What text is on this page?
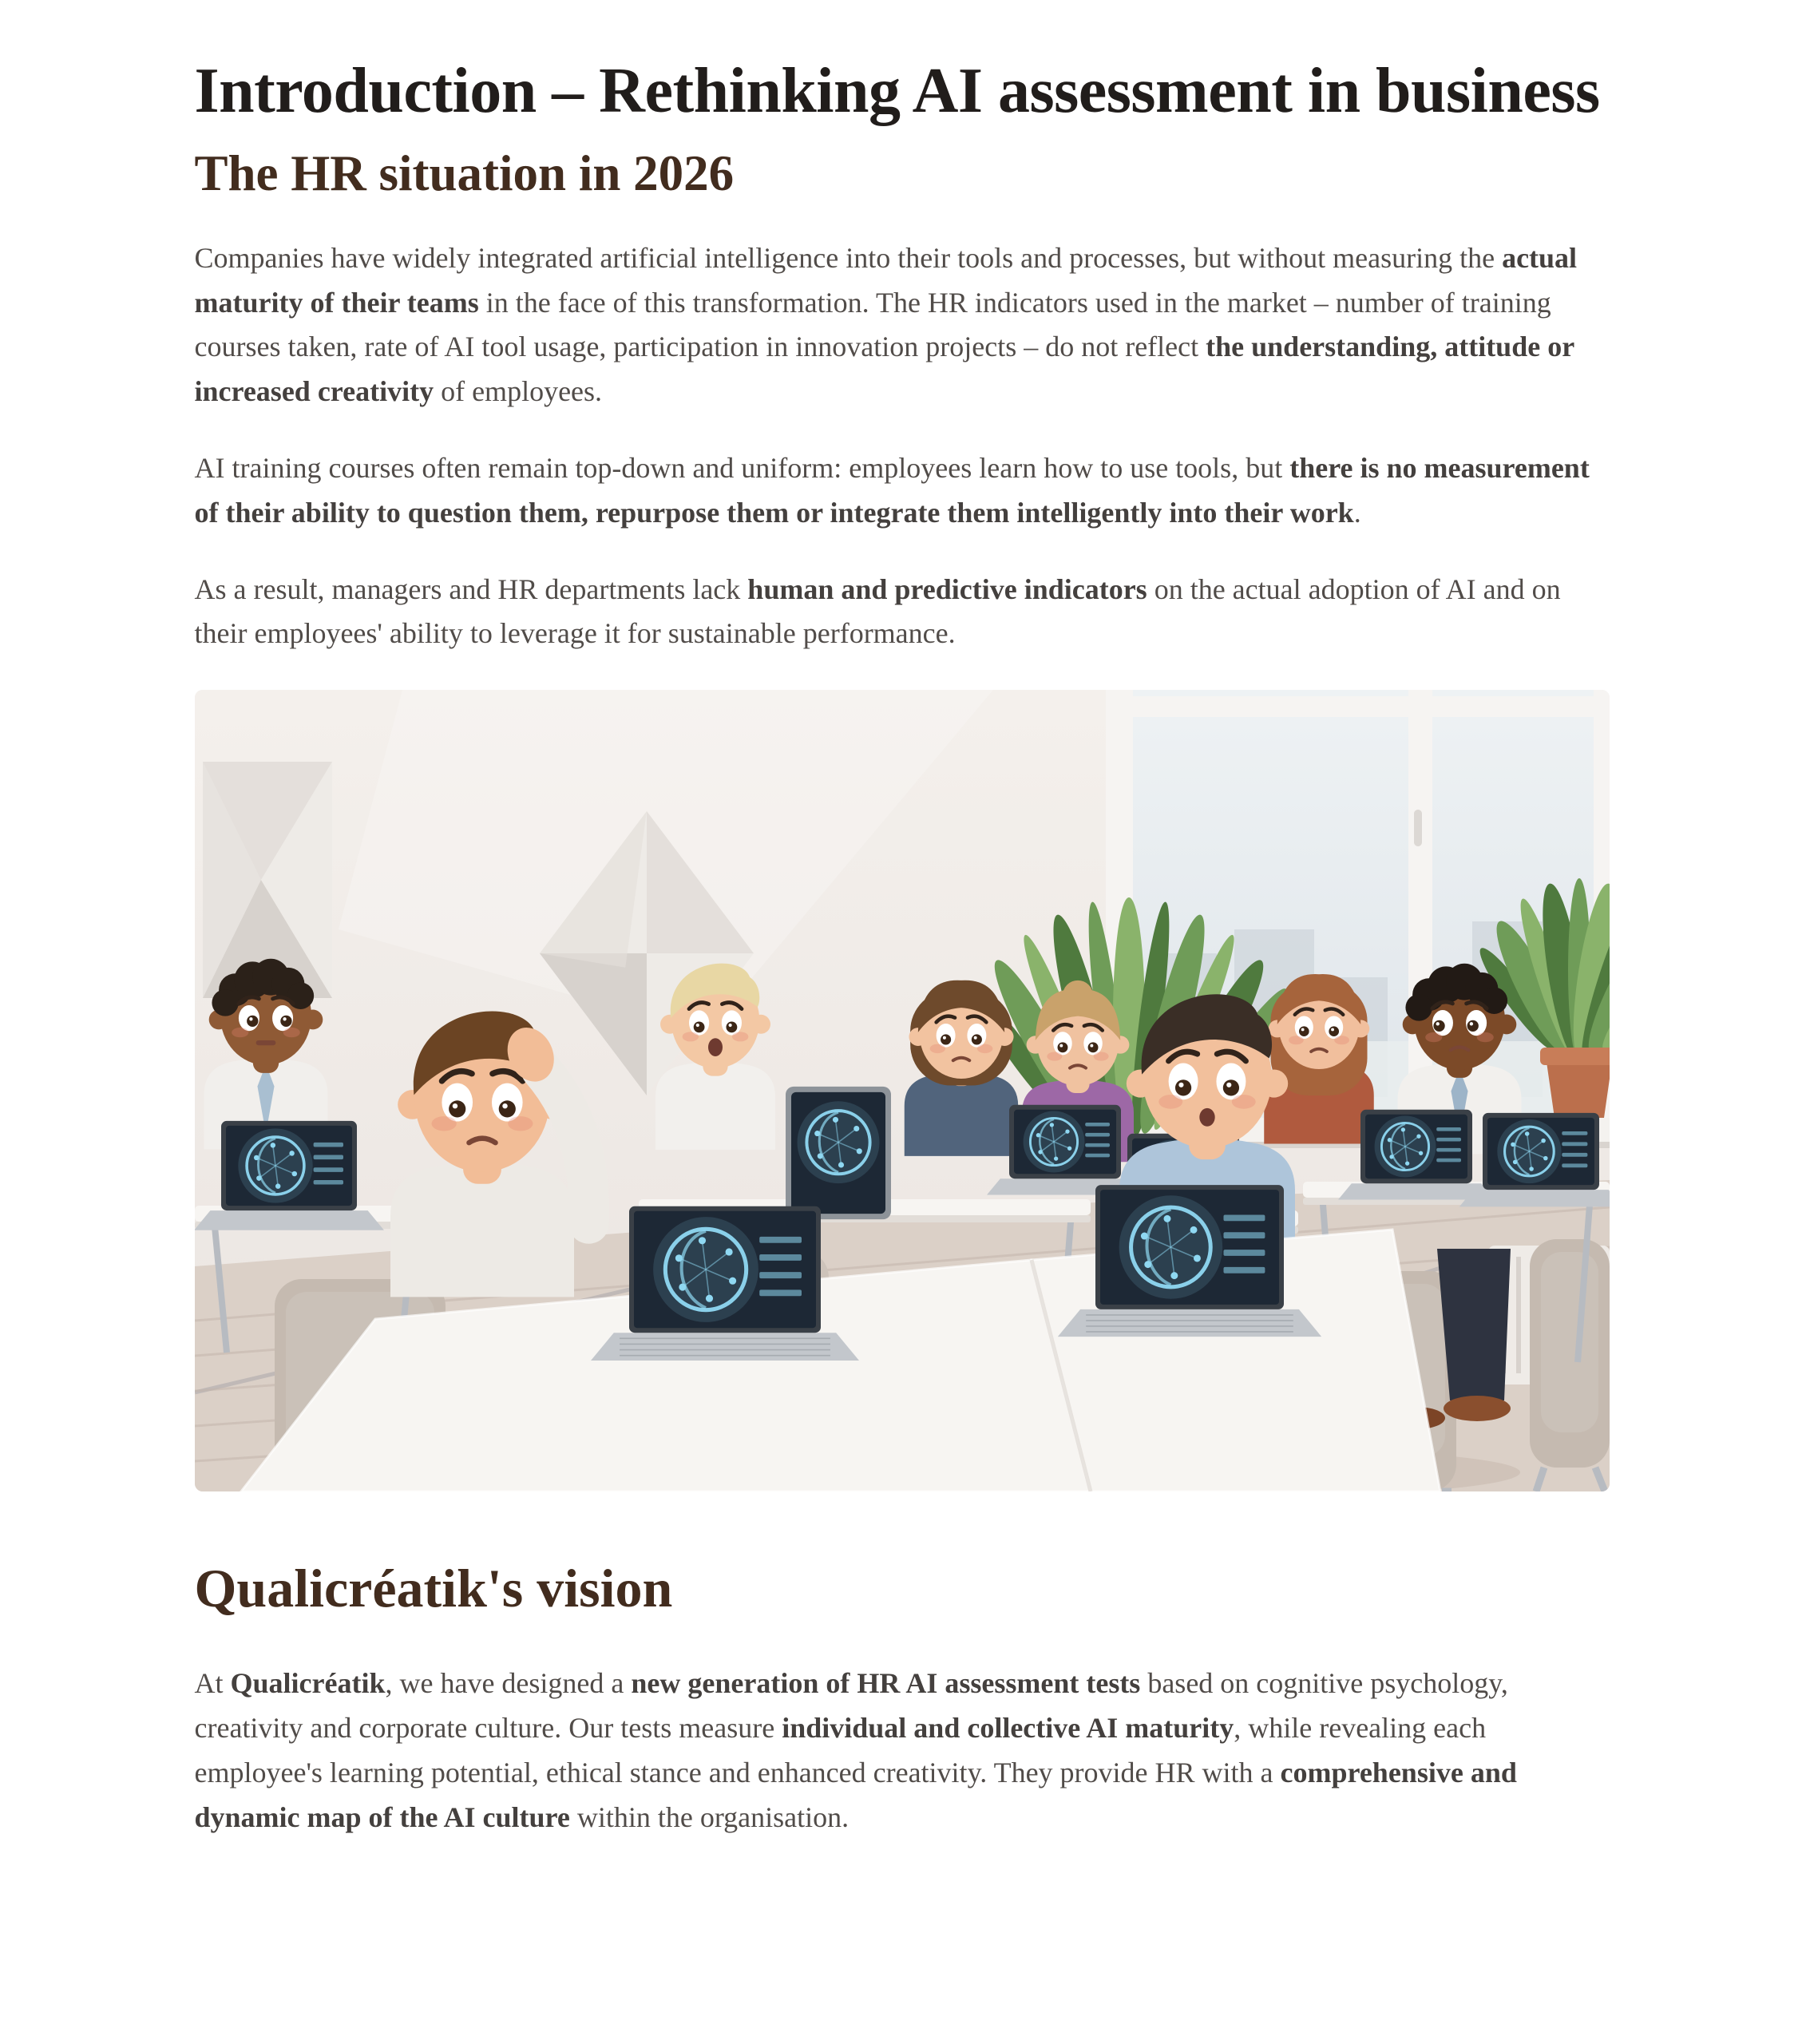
Introduction – Rethinking AI assessment in business
The HR situation in 2026

Companies have widely integrated artificial intelligence into their tools and processes, but without measuring the actual maturity of their teams in the face of this transformation. The HR indicators used in the market – number of training courses taken, rate of AI tool usage, participation in innovation projects – do not reflect the understanding, attitude or increased creativity of employees.

AI training courses often remain top-down and uniform: employees learn how to use tools, but there is no measurement of their ability to question them, repurpose them or integrate them intelligently into their work.

As a result, managers and HR departments lack human and predictive indicators on the actual adoption of AI and on their employees' ability to leverage it for sustainable performance.

Qualicréatik's vision

At Qualicréatik, we have designed a new generation of HR AI assessment tests based on cognitive psychology, creativity and corporate culture. Our tests measure individual and collective AI maturity, while revealing each employee's learning potential, ethical stance and enhanced creativity. They provide HR with a comprehensive and dynamic map of the AI culture within the organisation.
